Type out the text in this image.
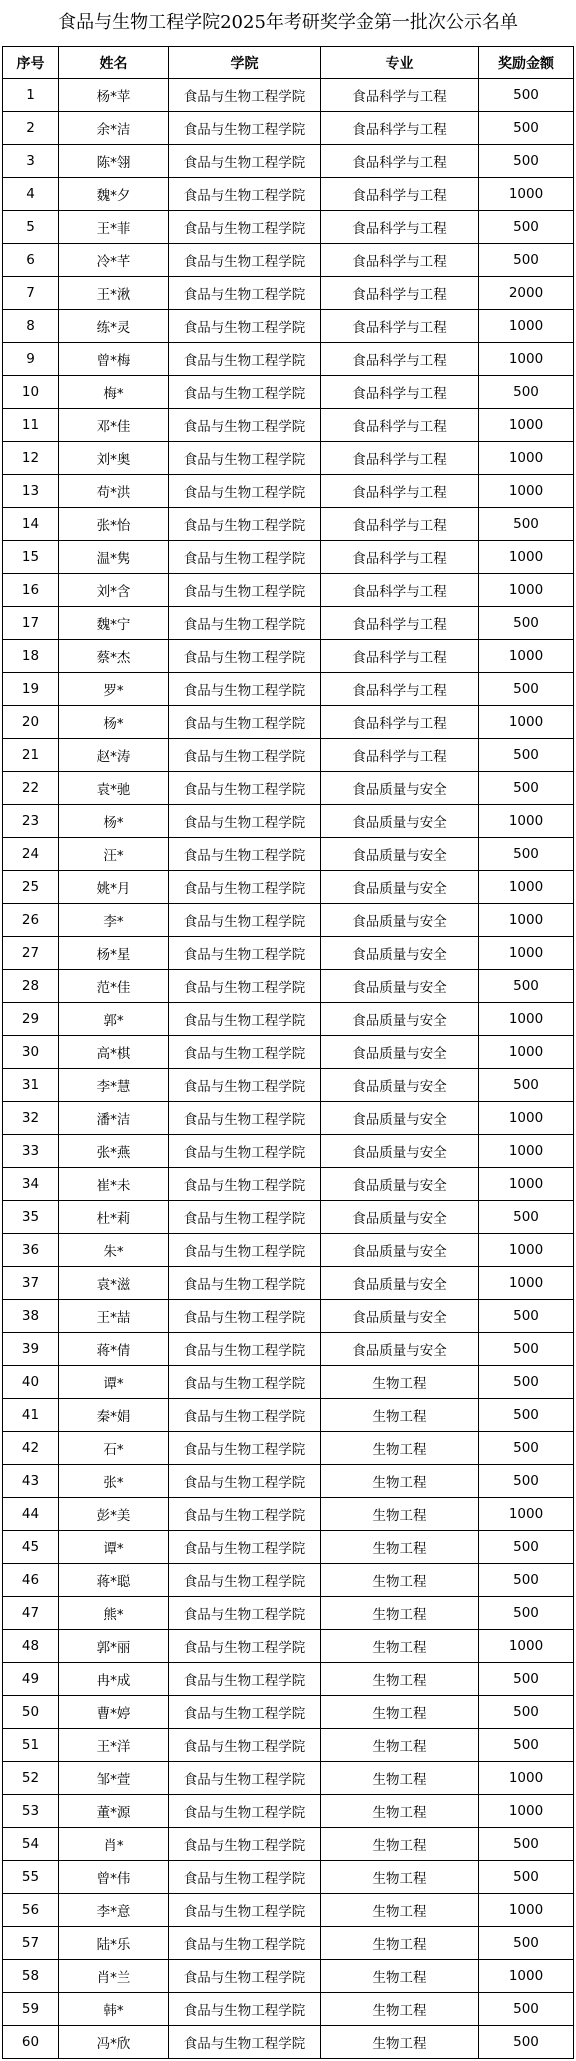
食品与生物工程学院2025年考研奖学金第一批次公示名单
序号	姓名	学院	专业	奖励金额
1	杨*苹	食品与生物工程学院	食品科学与工程	500
2	余*洁	食品与生物工程学院	食品科学与工程	500
3	陈*翎	食品与生物工程学院	食品科学与工程	500
4	魏*夕	食品与生物工程学院	食品科学与工程	1000
5	王*菲	食品与生物工程学院	食品科学与工程	500
6	冷*芊	食品与生物工程学院	食品科学与工程	500
7	王*湫	食品与生物工程学院	食品科学与工程	2000
8	练*灵	食品与生物工程学院	食品科学与工程	1000
9	曾*梅	食品与生物工程学院	食品科学与工程	1000
10	梅*	食品与生物工程学院	食品科学与工程	500
11	邓*佳	食品与生物工程学院	食品科学与工程	1000
12	刘*奥	食品与生物工程学院	食品科学与工程	1000
13	苟*洪	食品与生物工程学院	食品科学与工程	1000
14	张*怡	食品与生物工程学院	食品科学与工程	500
15	温*隽	食品与生物工程学院	食品科学与工程	1000
16	刘*含	食品与生物工程学院	食品科学与工程	1000
17	魏*宁	食品与生物工程学院	食品科学与工程	500
18	蔡*杰	食品与生物工程学院	食品科学与工程	1000
19	罗*	食品与生物工程学院	食品科学与工程	500
20	杨*	食品与生物工程学院	食品科学与工程	1000
21	赵*涛	食品与生物工程学院	食品科学与工程	500
22	袁*驰	食品与生物工程学院	食品质量与安全	500
23	杨*	食品与生物工程学院	食品质量与安全	1000
24	汪*	食品与生物工程学院	食品质量与安全	500
25	姚*月	食品与生物工程学院	食品质量与安全	1000
26	李*	食品与生物工程学院	食品质量与安全	1000
27	杨*星	食品与生物工程学院	食品质量与安全	1000
28	范*佳	食品与生物工程学院	食品质量与安全	500
29	郭*	食品与生物工程学院	食品质量与安全	1000
30	高*棋	食品与生物工程学院	食品质量与安全	1000
31	李*慧	食品与生物工程学院	食品质量与安全	500
32	潘*洁	食品与生物工程学院	食品质量与安全	1000
33	张*燕	食品与生物工程学院	食品质量与安全	1000
34	崔*未	食品与生物工程学院	食品质量与安全	1000
35	杜*莉	食品与生物工程学院	食品质量与安全	500
36	朱*	食品与生物工程学院	食品质量与安全	1000
37	袁*滋	食品与生物工程学院	食品质量与安全	1000
38	王*喆	食品与生物工程学院	食品质量与安全	500
39	蒋*倩	食品与生物工程学院	食品质量与安全	500
40	谭*	食品与生物工程学院	生物工程	500
41	秦*娟	食品与生物工程学院	生物工程	500
42	石*	食品与生物工程学院	生物工程	500
43	张*	食品与生物工程学院	生物工程	500
44	彭*美	食品与生物工程学院	生物工程	1000
45	谭*	食品与生物工程学院	生物工程	500
46	蒋*聪	食品与生物工程学院	生物工程	500
47	熊*	食品与生物工程学院	生物工程	500
48	郭*丽	食品与生物工程学院	生物工程	1000
49	冉*成	食品与生物工程学院	生物工程	500
50	曹*婷	食品与生物工程学院	生物工程	500
51	王*洋	食品与生物工程学院	生物工程	500
52	邹*萱	食品与生物工程学院	生物工程	1000
53	董*源	食品与生物工程学院	生物工程	1000
54	肖*	食品与生物工程学院	生物工程	500
55	曾*伟	食品与生物工程学院	生物工程	500
56	李*意	食品与生物工程学院	生物工程	1000
57	陆*乐	食品与生物工程学院	生物工程	500
58	肖*兰	食品与生物工程学院	生物工程	1000
59	韩*	食品与生物工程学院	生物工程	500
60	冯*欣	食品与生物工程学院	生物工程	500
